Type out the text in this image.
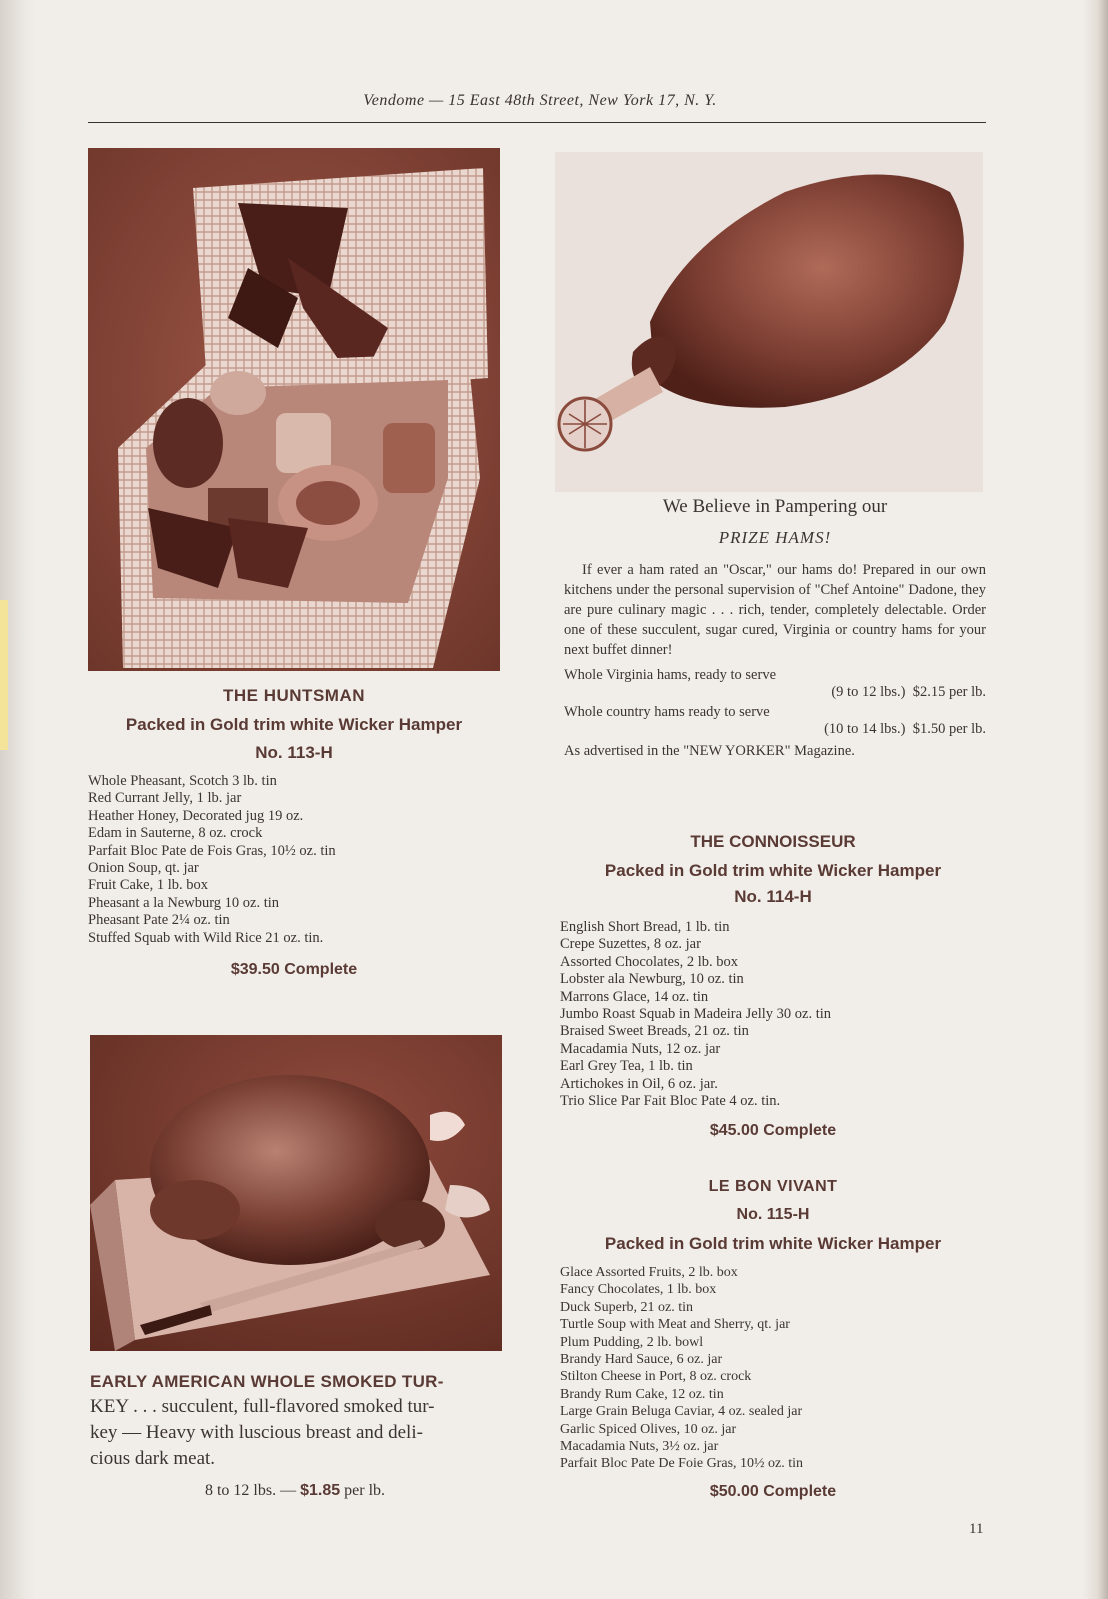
Vendome — 15 East 48th Street, New York 17, N. Y.
THE HUNTSMAN
Packed in Gold trim white Wicker Hamper
No. 113-H
Whole Pheasant, Scotch 3 lb. tin
Red Currant Jelly, 1 lb. jar
Heather Honey, Decorated jug 19 oz.
Edam in Sauterne, 8 oz. crock
Parfait Bloc Pate de Fois Gras, 10½ oz. tin
Onion Soup, qt. jar
Fruit Cake, 1 lb. box
Pheasant a la Newburg 10 oz. tin
Pheasant Pate 2¼ oz. tin
Stuffed Squab with Wild Rice 21 oz. tin.
$39.50 Complete
EARLY AMERICAN WHOLE SMOKED TUR-
KEY . . . succulent, full-flavored smoked tur-
key — Heavy with luscious breast and deli-
cious dark meat.
8 to 12 lbs. — $1.85 per lb.
We Believe in Pampering our
PRIZE HAMS!
If ever a ham rated an "Oscar," our hams do! Prepared in our own kitchens under the personal supervision of "Chef Antoine" Dadone, they are pure culinary magic . . . rich, tender, completely delectable. Order one of these succulent, sugar cured, Virginia or country hams for your next buffet dinner!
Whole Virginia hams, ready to serve
(9 to 12 lbs.) $2.15 per lb.
Whole country hams ready to serve
(10 to 14 lbs.) $1.50 per lb.
As advertised in the "NEW YORKER" Magazine.
THE CONNOISSEUR
Packed in Gold trim white Wicker Hamper
No. 114-H
English Short Bread, 1 lb. tin
Crepe Suzettes, 8 oz. jar
Assorted Chocolates, 2 lb. box
Lobster ala Newburg, 10 oz. tin
Marrons Glace, 14 oz. tin
Jumbo Roast Squab in Madeira Jelly 30 oz. tin
Braised Sweet Breads, 21 oz. tin
Macadamia Nuts, 12 oz. jar
Earl Grey Tea, 1 lb. tin
Artichokes in Oil, 6 oz. jar.
Trio Slice Par Fait Bloc Pate 4 oz. tin.
$45.00 Complete
LE BON VIVANT
No. 115-H
Packed in Gold trim white Wicker Hamper
Glace Assorted Fruits, 2 lb. box
Fancy Chocolates, 1 lb. box
Duck Superb, 21 oz. tin
Turtle Soup with Meat and Sherry, qt. jar
Plum Pudding, 2 lb. bowl
Brandy Hard Sauce, 6 oz. jar
Stilton Cheese in Port, 8 oz. crock
Brandy Rum Cake, 12 oz. tin
Large Grain Beluga Caviar, 4 oz. sealed jar
Garlic Spiced Olives, 10 oz. jar
Macadamia Nuts, 3½ oz. jar
Parfait Bloc Pate De Foie Gras, 10½ oz. tin
$50.00 Complete
11
